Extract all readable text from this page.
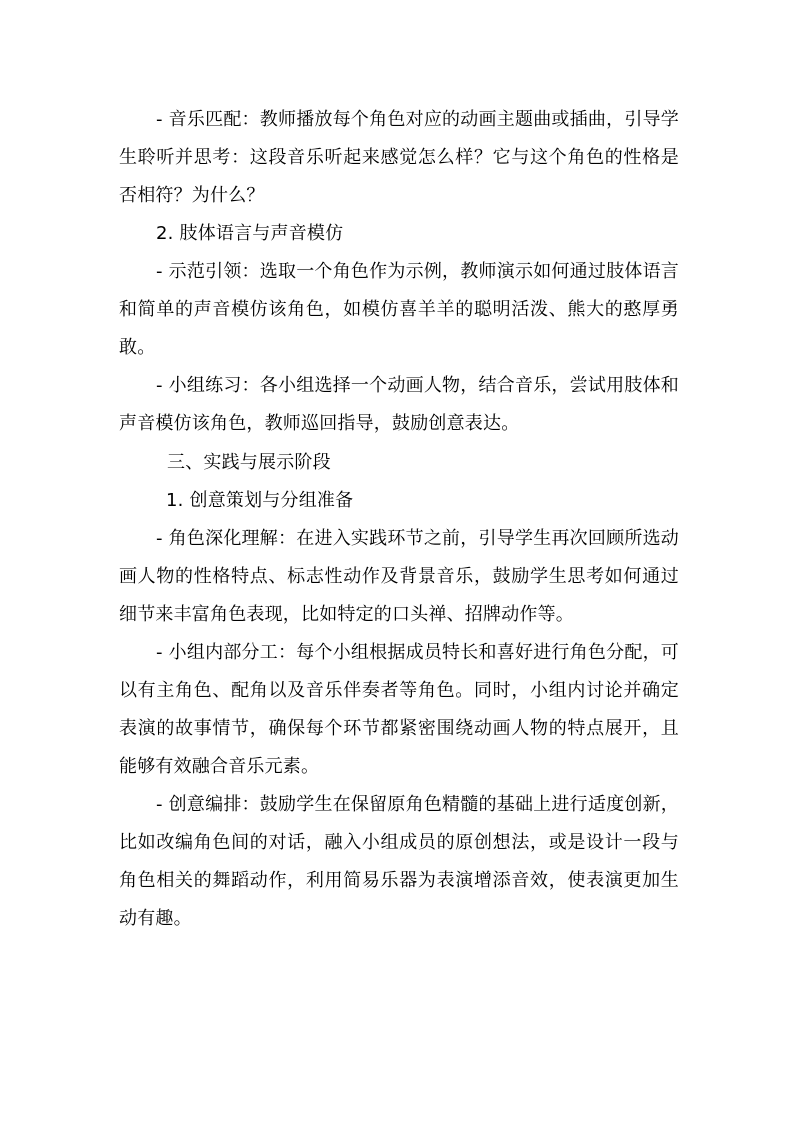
- 音乐匹配：教师播放每个角色对应的动画主题曲或插曲，引导学生聆听并思考：这段音乐听起来感觉怎么样？它与这个角色的性格是否相符？为什么？

2. 肢体语言与声音模仿

- 示范引领：选取一个角色作为示例，教师演示如何通过肢体语言和简单的声音模仿该角色，如模仿喜羊羊的聪明活泼、熊大的憨厚勇敢。

- 小组练习：各小组选择一个动画人物，结合音乐，尝试用肢体和声音模仿该角色，教师巡回指导，鼓励创意表达。

三、实践与展示阶段

1. 创意策划与分组准备

- 角色深化理解：在进入实践环节之前，引导学生再次回顾所选动画人物的性格特点、标志性动作及背景音乐，鼓励学生思考如何通过细节来丰富角色表现，比如特定的口头禅、招牌动作等。

- 小组内部分工：每个小组根据成员特长和喜好进行角色分配，可以有主角色、配角以及音乐伴奏者等角色。同时，小组内讨论并确定表演的故事情节，确保每个环节都紧密围绕动画人物的特点展开，且能够有效融合音乐元素。

- 创意编排：鼓励学生在保留原角色精髓的基础上进行适度创新，比如改编角色间的对话，融入小组成员的原创想法，或是设计一段与角色相关的舞蹈动作，利用简易乐器为表演增添音效，使表演更加生动有趣。
